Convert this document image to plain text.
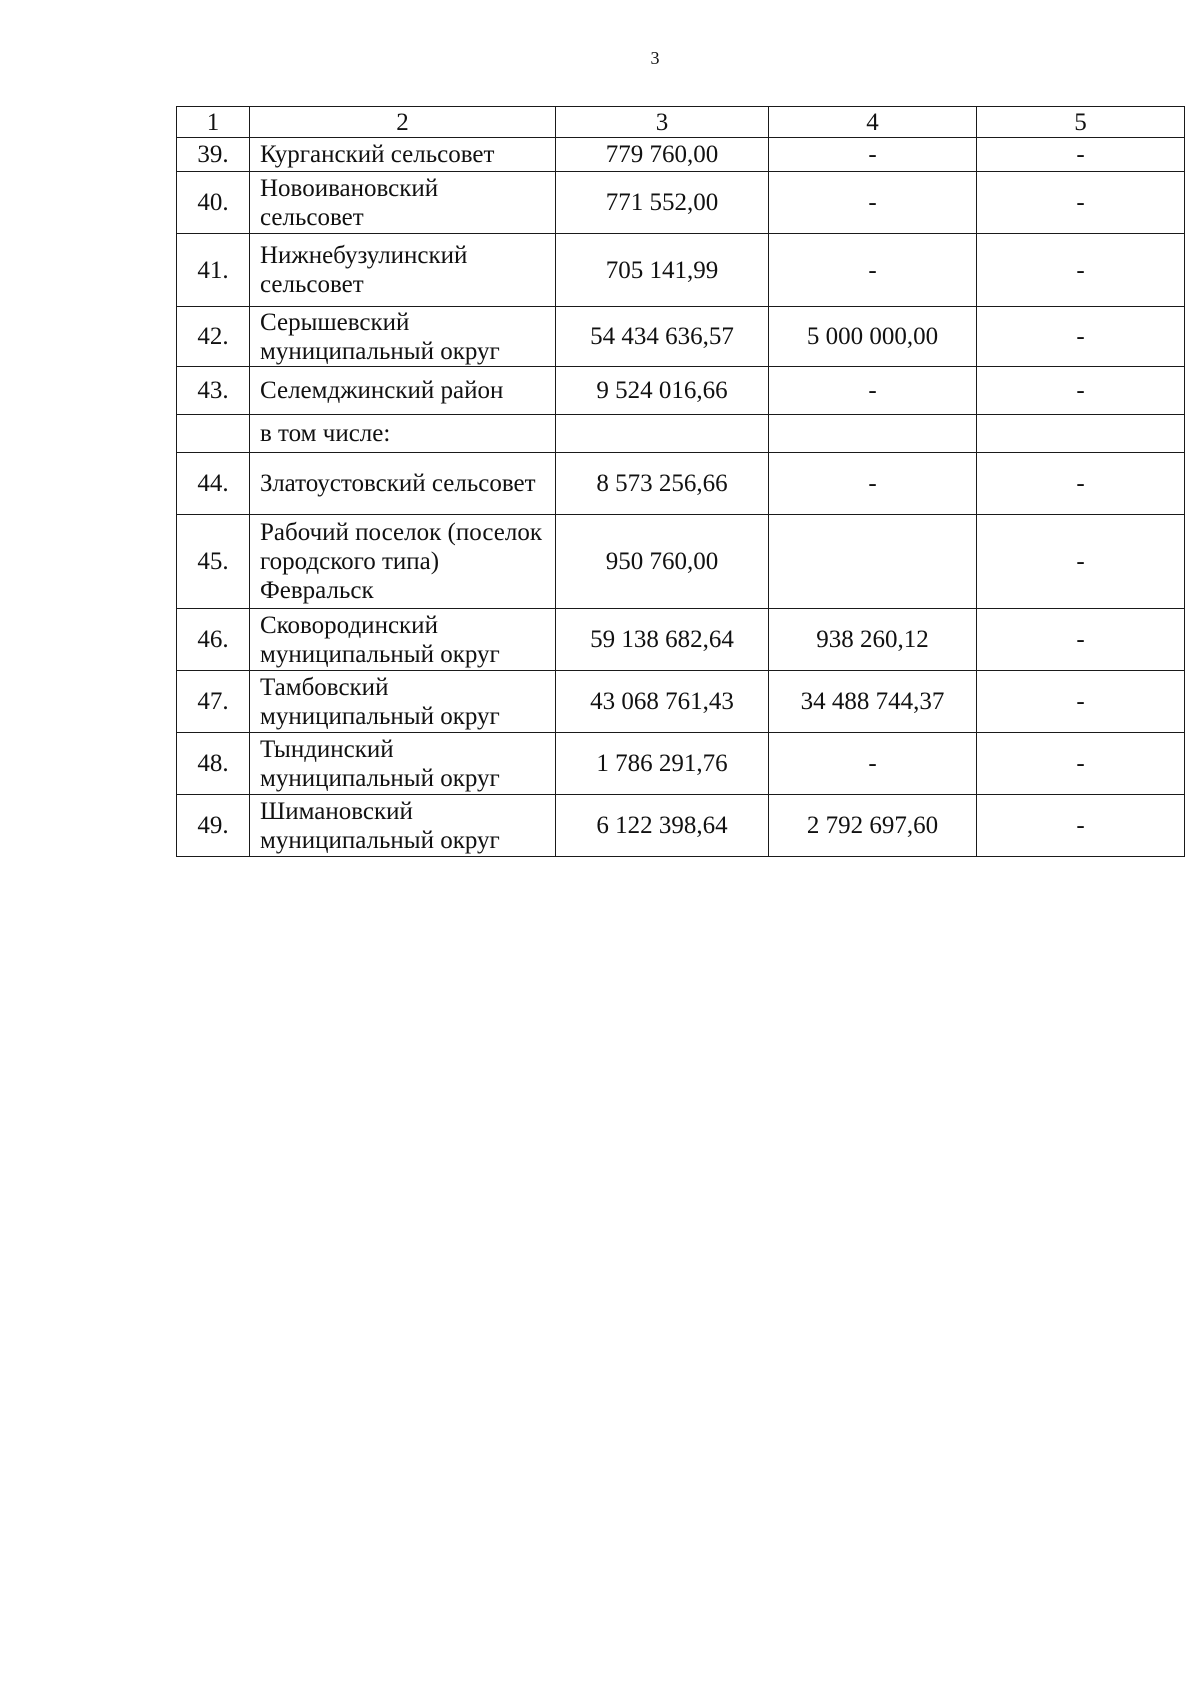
3
1	2	3	4	5
39.	Курганский сельсовет	779 760,00	-	-
40.	Новоивановский сельсовет	771 552,00	-	-
41.	Нижнебузулинский сельсовет	705 141,99	-	-
42.	Серышевский муниципальный округ	54 434 636,57	5 000 000,00	-
43.	Селемджинский район	9 524 016,66	-	-
	в том числе:			
44.	Златоустовский сельсовет	8 573 256,66	-	-
45.	Рабочий поселок (поселок городского типа) Февральск	950 760,00		-
46.	Сковородинский муниципальный округ	59 138 682,64	938 260,12	-
47.	Тамбовский муниципальный округ	43 068 761,43	34 488 744,37	-
48.	Тындинский муниципальный округ	1 786 291,76	-	-
49.	Шимановский муниципальный округ	6 122 398,64	2 792 697,60	-
